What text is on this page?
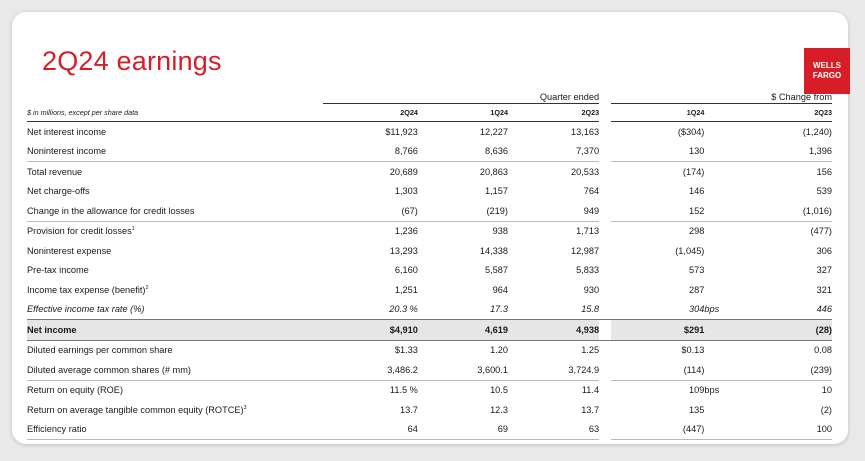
2Q24 earnings	WELLS
FARGO
	Quarter ended				$ Change from		
$ in millions, except per share data	2Q24	1Q24	2Q23		1Q24		2Q23
Net interest income	$11,923	12,227	13,163		($304)		(1,240)
Noninterest income	8,766	8,636	7,370		130		1,396
Total revenue	20,689	20,863	20,533		(174)		156
Net charge-offs	1,303	1,157	764		146		539
Change in the allowance for credit losses	(67)	(219)	949		152		(1,016)
Provision for credit losses$^1$	1,236	938	1,713		298		(477)
Noninterest expense	13,293	14,338	12,987		(1,045)		306
Pre-tax income	6,160	5,587	5,833		573		327
Income tax expense (benefit)$^2$	1,251	964	930		287		321
Effective income tax rate (%)	20.3 %	17.3	15.8		304	bps	446
Net income	$4,910	4,619	4,938		$291		(28)
Diluted earnings per common share	$1.33	1.20	1.25		$0.13		0.08
Diluted average common shares (# mm)	3,486.2	3,600.1	3,724.9		(114)		(239)
Return on equity (ROE)	11.5 %	10.5	11.4		109	bps	10
Return on average tangible common equity (ROTCE)$^3$	13.7	12.3	13.7		135		(2)
Efficiency ratio	64	69	63		(447)		100
